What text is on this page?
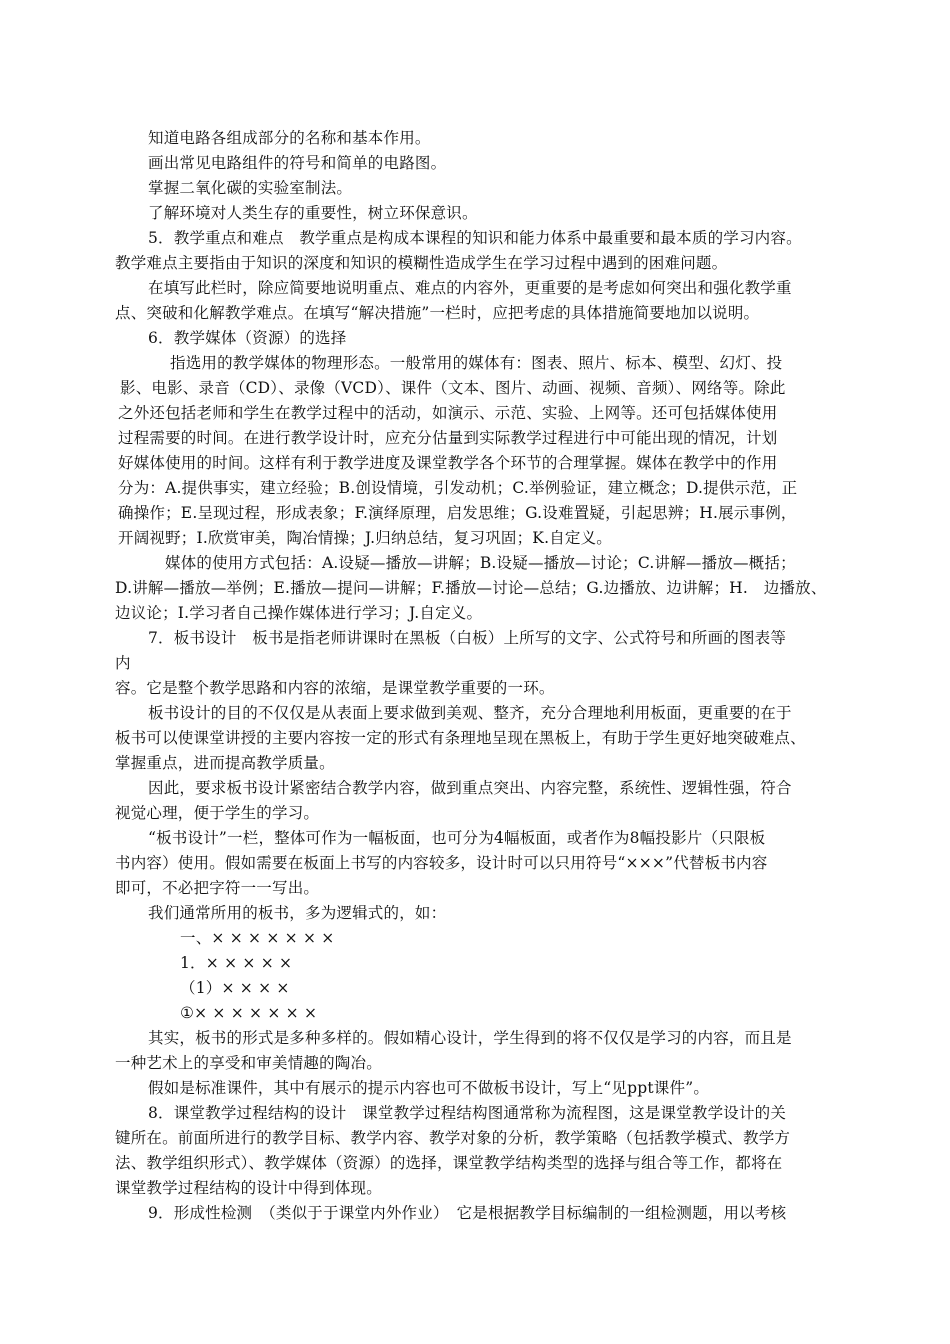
知道电路各组成部分的名称和基本作用。
画出常见电路组件的符号和简单的电路图。
掌握二氧化碳的实验室制法。
了解环境对人类生存的重要性，树立环保意识。
5．教学重点和难点　教学重点是构成本课程的知识和能力体系中最重要和最本质的学习内容。
教学难点主要指由于知识的深度和知识的模糊性造成学生在学习过程中遇到的困难问题。
在填写此栏时，除应简要地说明重点、难点的内容外，更重要的是考虑如何突出和强化教学重
点、突破和化解教学难点。在填写“解决措施”一栏时，应把考虑的具体措施简要地加以说明。
6．教学媒体（资源）的选择
指选用的教学媒体的物理形态。一般常用的媒体有：图表、照片、标本、模型、幻灯、投
影、电影、录音（CD）、录像（VCD）、课件（文本、图片、动画、视频、音频）、网络等。除此
之外还包括老师和学生在教学过程中的活动，如演示、示范、实验、上网等。还可包括媒体使用
过程需要的时间。在进行教学设计时，应充分估量到实际教学过程进行中可能出现的情况，计划
好媒体使用的时间。这样有利于教学进度及课堂教学各个环节的合理掌握。媒体在教学中的作用
分为：A.提供事实，建立经验；B.创设情境，引发动机；C.举例验证，建立概念；D.提供示范，正
确操作；E.呈现过程，形成表象；F.演绎原理，启发思维；G.设难置疑，引起思辨；H.展示事例，
开阔视野；I.欣赏审美，陶冶情操；J.归纳总结，复习巩固；K.自定义。
媒体的使用方式包括：A.设疑—播放—讲解；B.设疑—播放—讨论；C.讲解—播放—概括；
D.讲解—播放—举例；E.播放—提问—讲解；F.播放—讨论—总结；G.边播放、边讲解；H.　边播放、
边议论；I.学习者自己操作媒体进行学习；J.自定义。
7．板书设计　板书是指老师讲课时在黑板（白板）上所写的文字、公式符号和所画的图表等
内
容。它是整个教学思路和内容的浓缩，是课堂教学重要的一环。
板书设计的目的不仅仅是从表面上要求做到美观、整齐，充分合理地利用板面，更重要的在于
板书可以使课堂讲授的主要内容按一定的形式有条理地呈现在黑板上，有助于学生更好地突破难点、
掌握重点，进而提高教学质量。
因此，要求板书设计紧密结合教学内容，做到重点突出、内容完整，系统性、逻辑性强，符合
视觉心理，便于学生的学习。
“板书设计”一栏，整体可作为一幅板面，也可分为4幅板面，或者作为8幅投影片（只限板
书内容）使用。假如需要在板面上书写的内容较多，设计时可以只用符号“×××”代替板书内容
即可，不必把字符一一写出。
我们通常所用的板书，多为逻辑式的，如：
一、× × × × × × ×
1．× × × × ×
（1）× × × ×
①× × × × × × ×
其实，板书的形式是多种多样的。假如精心设计，学生得到的将不仅仅是学习的内容，而且是
一种艺术上的享受和审美情趣的陶冶。
假如是标准课件，其中有展示的提示内容也可不做板书设计，写上“见ppt课件”。
8．课堂教学过程结构的设计　课堂教学过程结构图通常称为流程图，这是课堂教学设计的关
键所在。前面所进行的教学目标、教学内容、教学对象的分析，教学策略（包括教学模式、教学方
法、教学组织形式）、教学媒体（资源）的选择，课堂教学结构类型的选择与组合等工作，都将在
课堂教学过程结构的设计中得到体现。
9．形成性检测　（类似于于课堂内外作业）　它是根据教学目标编制的一组检测题，用以考核
